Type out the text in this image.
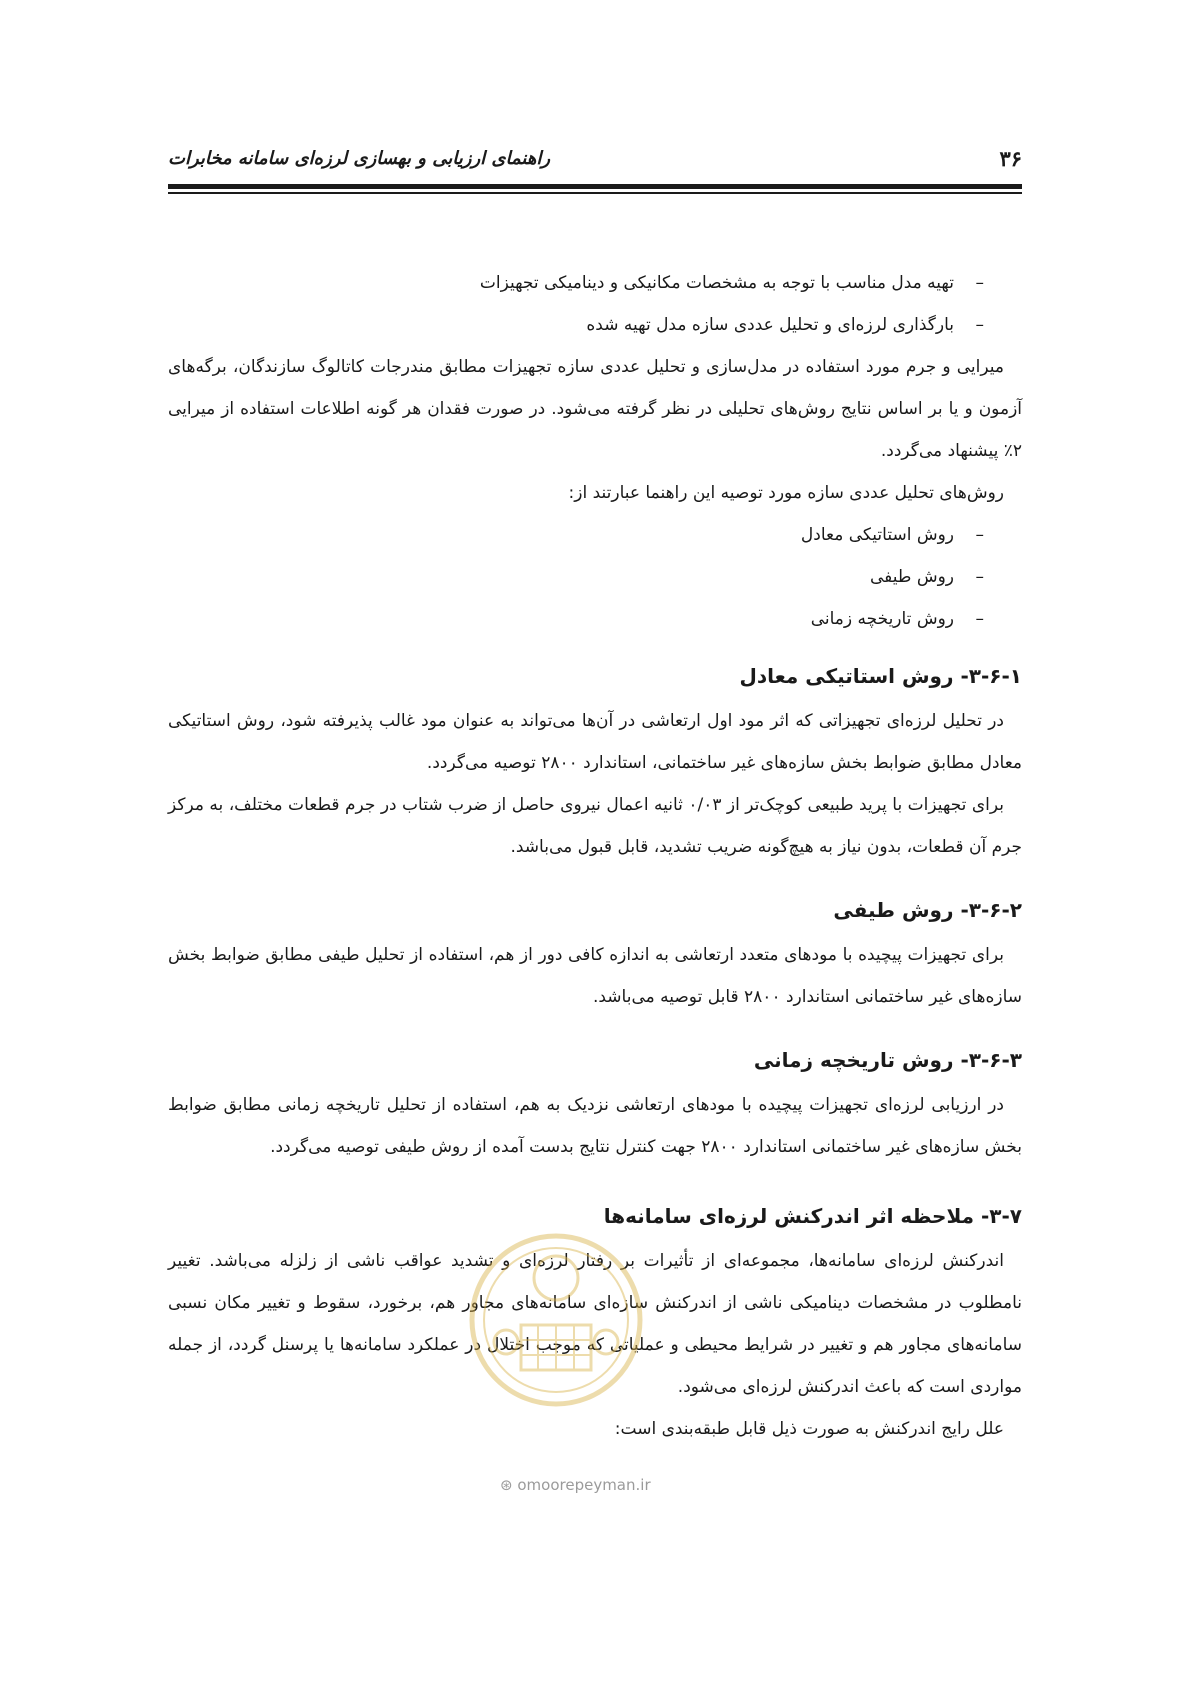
۳۶
راهنمای ارزیابی و بهسازی لرزه‌ای سامانه مخابرات
–تهیه مدل مناسب با توجه به مشخصات مکانیکی و دینامیکی تجهیزات
–بارگذاری لرزه‌ای و تحلیل عددی سازه مدل تهیه شده

میرایی و جرم مورد استفاده در مدل‌سازی و تحلیل عددی سازه تجهیزات مطابق مندرجات کاتالوگ سازندگان، برگه‌های آزمون و یا بر اساس نتایج روش‌های تحلیلی در نظر گرفته می‌شود. در صورت فقدان هر گونه اطلاعات استفاده از میرایی ۲٪ پیشنهاد می‌گردد.

روش‌های تحلیل عددی سازه مورد توصیه این راهنما عبارتند از:

–روش استاتیکی معادل
–روش طیفی
–روش تاریخچه زمانی
۳-۶-۱- روش استاتیکی معادل

در تحلیل لرزه‌ای تجهیزاتی که اثر مود اول ارتعاشی در آن‌ها می‌تواند به عنوان مود غالب پذیرفته شود، روش استاتیکی معادل مطابق ضوابط بخش سازه‌های غیر ساختمانی، استاندارد ۲۸۰۰ توصیه می‌گردد.

برای تجهیزات با پرید طبیعی کوچک‌تر از ۰/۰۳ ثانیه اعمال نیروی حاصل از ضرب شتاب در جرم قطعات مختلف، به مرکز جرم آن قطعات، بدون نیاز به هیچ‌گونه ضریب تشدید، قابل قبول می‌باشد.

۳-۶-۲- روش طیفی

برای تجهیزات پیچیده با مودهای متعدد ارتعاشی به اندازه کافی دور از هم، استفاده از تحلیل طیفی مطابق ضوابط بخش سازه‌های غیر ساختمانی استاندارد ۲۸۰۰ قابل توصیه می‌باشد.

۳-۶-۳- روش تاریخچه زمانی

در ارزیابی لرزه‌ای تجهیزات پیچیده با مودهای ارتعاشی نزدیک به هم، استفاده از تحلیل تاریخچه زمانی مطابق ضوابط بخش سازه‌های غیر ساختمانی استاندارد ۲۸۰۰ جهت کنترل نتایج بدست آمده از روش طیفی توصیه می‌گردد.

۳-۷- ملاحظه اثر اندرکنش لرزه‌ای سامانه‌ها

اندرکنش لرزه‌ای سامانه‌ها، مجموعه‌ای از تأثیرات بر رفتار لرزه‌ای و تشدید عواقب ناشی از زلزله می‌باشد. تغییر نامطلوب در مشخصات دینامیکی ناشی از اندرکنش سازه‌ای سامانه‌های مجاور هم، برخورد، سقوط و تغییر مکان نسبی سامانه‌های مجاور هم و تغییر در شرایط محیطی و عملیاتی که موجب اختلال در عملکرد سامانه‌ها یا پرسنل گردد، از جمله مواردی است که باعث اندرکنش لرزه‌ای می‌شود.

علل رایج اندرکنش به صورت ذیل قابل طبقه‌بندی است:

⊛ omoorepeyman.ir
